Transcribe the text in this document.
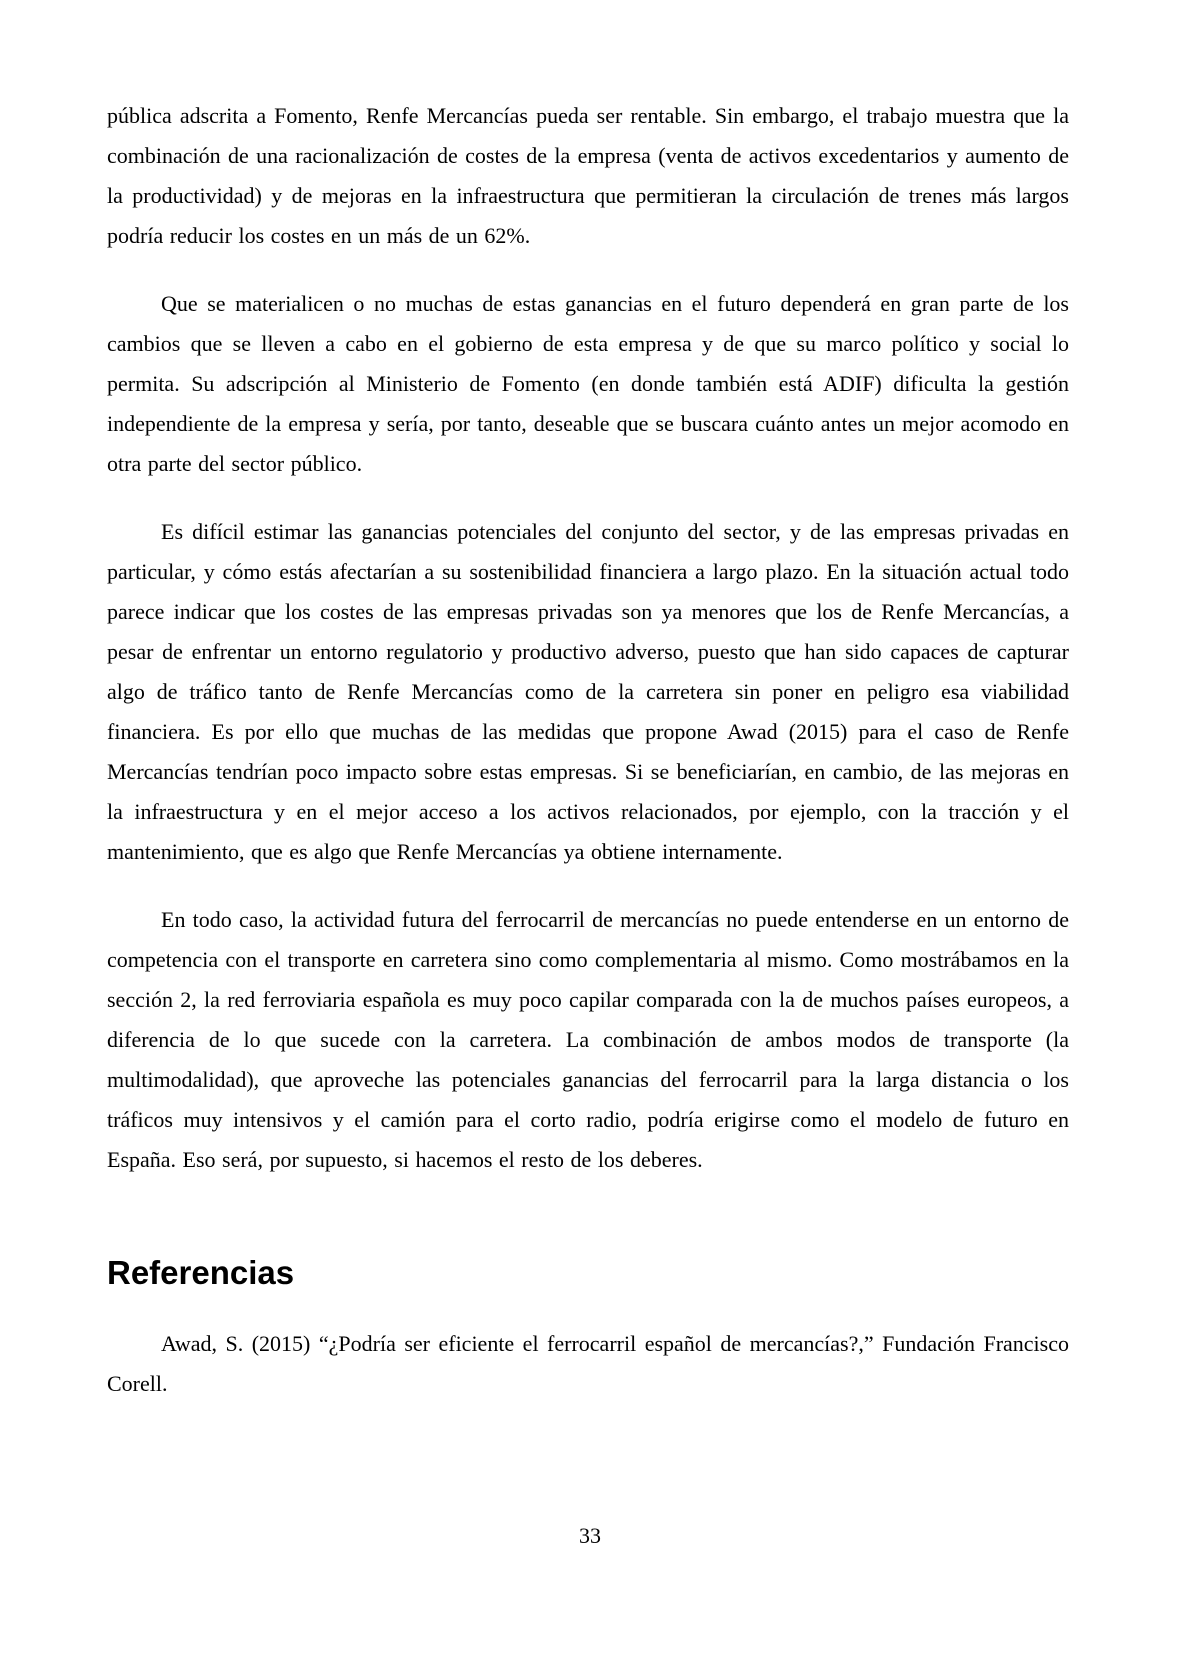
pública adscrita a Fomento, Renfe Mercancías pueda ser rentable. Sin embargo, el trabajo muestra que la combinación de una racionalización de costes de la empresa (venta de activos excedentarios y aumento de la productividad) y de mejoras en la infraestructura que permitieran la circulación de trenes más largos podría reducir los costes en un más de un 62%.

Que se materialicen o no muchas de estas ganancias en el futuro dependerá en gran parte de los cambios que se lleven a cabo en el gobierno de esta empresa y de que su marco político y social lo permita. Su adscripción al Ministerio de Fomento (en donde también está ADIF) dificulta la gestión independiente de la empresa y sería, por tanto, deseable que se buscara cuánto antes un mejor acomodo en otra parte del sector público.

Es difícil estimar las ganancias potenciales del conjunto del sector, y de las empresas privadas en particular, y cómo estás afectarían a su sostenibilidad financiera a largo plazo. En la situación actual todo parece indicar que los costes de las empresas privadas son ya menores que los de Renfe Mercancías, a pesar de enfrentar un entorno regulatorio y productivo adverso, puesto que han sido capaces de capturar algo de tráfico tanto de Renfe Mercancías como de la carretera sin poner en peligro esa viabilidad financiera. Es por ello que muchas de las medidas que propone Awad (2015) para el caso de Renfe Mercancías tendrían poco impacto sobre estas empresas. Si se beneficiarían, en cambio, de las mejoras en la infraestructura y en el mejor acceso a los activos relacionados, por ejemplo, con la tracción y el mantenimiento, que es algo que Renfe Mercancías ya obtiene internamente.

En todo caso, la actividad futura del ferrocarril de mercancías no puede entenderse en un entorno de competencia con el transporte en carretera sino como complementaria al mismo. Como mostrábamos en la sección 2, la red ferroviaria española es muy poco capilar comparada con la de muchos países europeos, a diferencia de lo que sucede con la carretera. La combinación de ambos modos de transporte (la multimodalidad), que aproveche las potenciales ganancias del ferrocarril para la larga distancia o los tráficos muy intensivos y el camión para el corto radio, podría erigirse como el modelo de futuro en España. Eso será, por supuesto, si hacemos el resto de los deberes.

Referencias

Awad, S. (2015) “¿Podría ser eficiente el ferrocarril español de mercancías?,” Fundación Francisco Corell.

33
